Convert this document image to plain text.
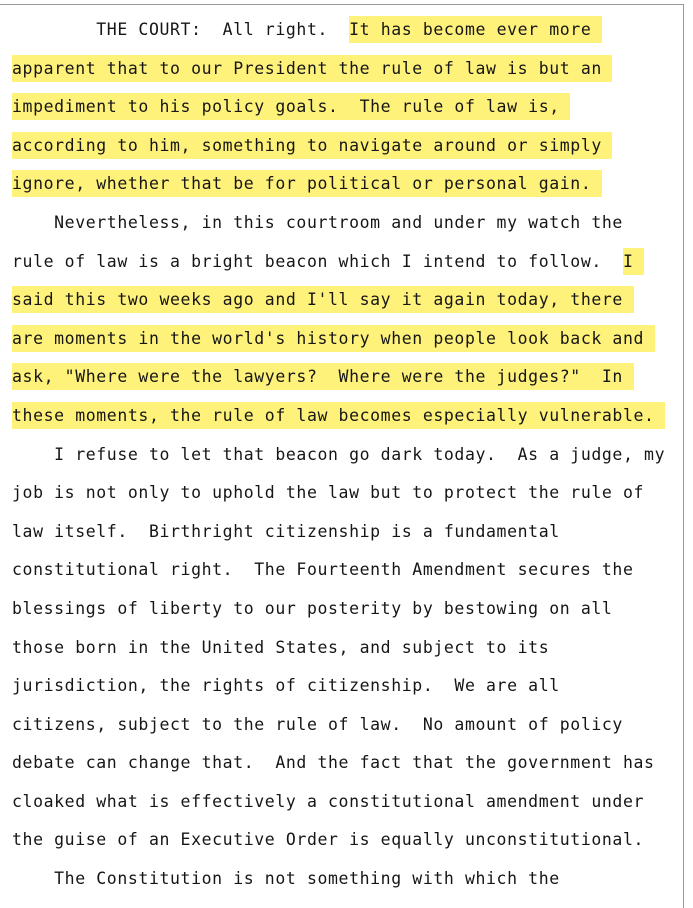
THE COURT:  All right.  It has become ever more
apparent that to our President the rule of law is but an
impediment to his policy goals.  The rule of law is,
according to him, something to navigate around or simply
ignore, whether that be for political or personal gain.
Nevertheless, in this courtroom and under my watch the
rule of law is a bright beacon which I intend to follow.  I
said this two weeks ago and I'll say it again today, there
are moments in the world's history when people look back and
ask, "Where were the lawyers?  Where were the judges?"  In
these moments, the rule of law becomes especially vulnerable.
I refuse to let that beacon go dark today.  As a judge, my
job is not only to uphold the law but to protect the rule of
law itself.  Birthright citizenship is a fundamental
constitutional right.  The Fourteenth Amendment secures the
blessings of liberty to our posterity by bestowing on all
those born in the United States, and subject to its
jurisdiction, the rights of citizenship.  We are all
citizens, subject to the rule of law.  No amount of policy
debate can change that.  And the fact that the government has
cloaked what is effectively a constitutional amendment under
the guise of an Executive Order is equally unconstitutional.
The Constitution is not something with which the
